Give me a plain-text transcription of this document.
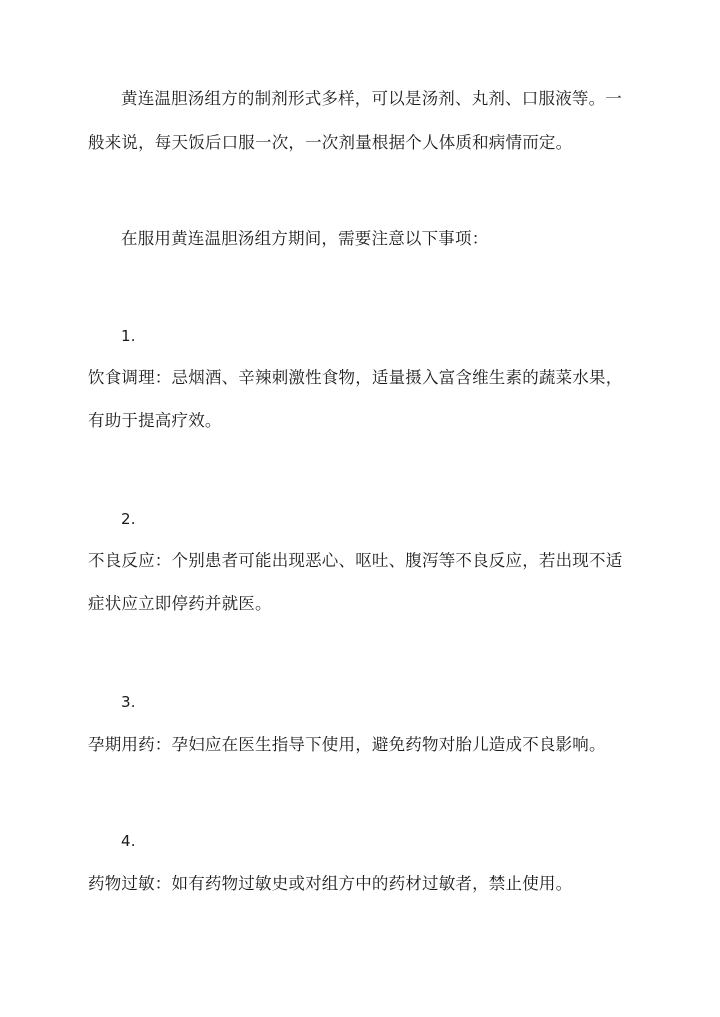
黄连温胆汤组方的制剂形式多样，可以是汤剂、丸剂、口服液等。一
般来说，每天饭后口服一次，一次剂量根据个人体质和病情而定。
在服用黄连温胆汤组方期间，需要注意以下事项：
1.
饮食调理：忌烟酒、辛辣刺激性食物，适量摄入富含维生素的蔬菜水果，
有助于提高疗效。
2.
不良反应：个别患者可能出现恶心、呕吐、腹泻等不良反应，若出现不适
症状应立即停药并就医。
3.
孕期用药：孕妇应在医生指导下使用，避免药物对胎儿造成不良影响。
4.
药物过敏：如有药物过敏史或对组方中的药材过敏者，禁止使用。
